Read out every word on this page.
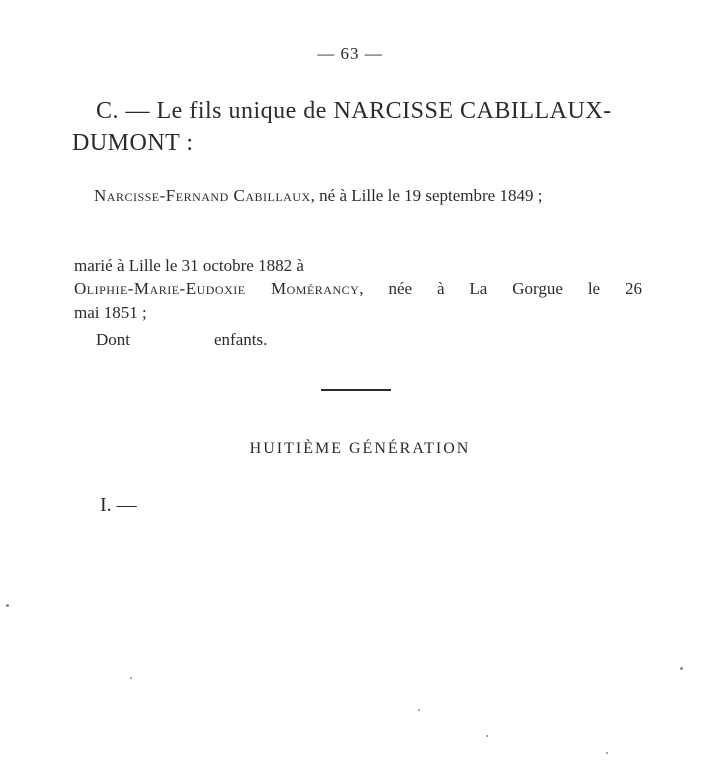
— 63 —
C. — Le fils unique de NARCISSE CABILLAUX-
DUMONT :
Narcisse-Fernand Cabillaux, né à Lille le 19 septembre 1849 ;
marié à Lille le 31 octobre 1882 à
Oliphie-Marie-Eudoxie Momérancy, née à La Gorgue le 26
mai 1851 ;
Dont	enfants.
HUITIÈME GÉNÉRATION
I. —
